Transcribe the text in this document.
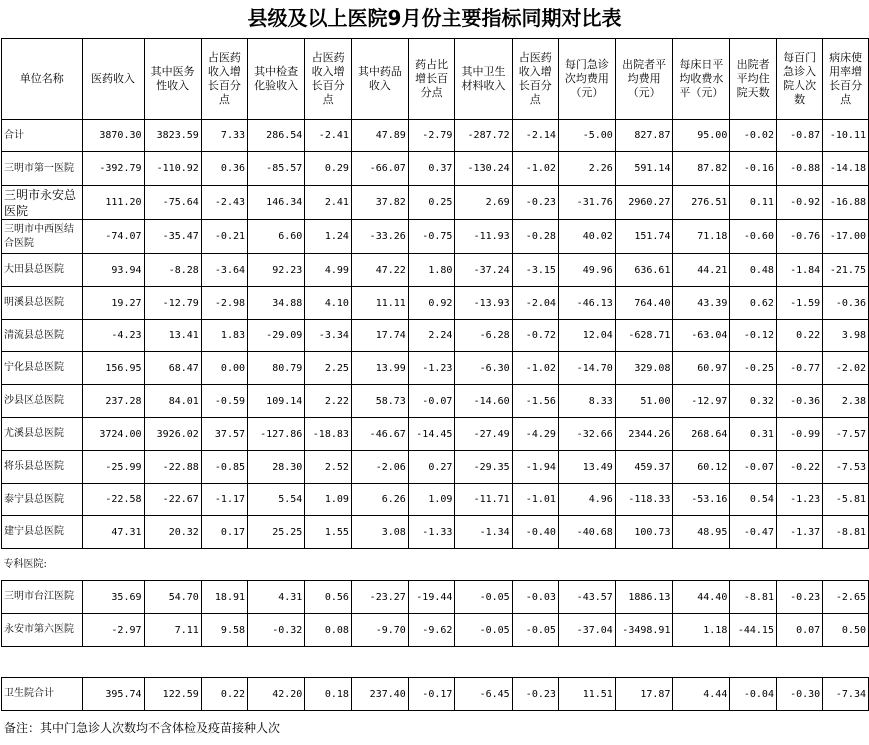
县级及以上医院9月份主要指标同期对比表
单位名称	医药收入	其中医务性收入	占医药收入增长百分点	其中检查化验收入	占医药收入增长百分点	其中药品收入	药占比增长百分点	其中卫生材料收入	占医药收入增长百分点	每门急诊次均费用（元）	出院者平均费用（元）	每床日平均收费水平（元）	出院者平均住院天数	每百门急诊入院人次数	病床使用率增长百分点
合计	3870.30	3823.59	7.33	286.54	-2.41	47.89	-2.79	-287.72	-2.14	-5.00	827.87	95.00	-0.02	-0.87	-10.11
三明市第一医院	-392.79	-110.92	0.36	-85.57	0.29	-66.07	0.37	-130.24	-1.02	2.26	591.14	87.82	-0.16	-0.88	-14.18
三明市永安总医院	111.20	-75.64	-2.43	146.34	2.41	37.82	0.25	2.69	-0.23	-31.76	2960.27	276.51	0.11	-0.92	-16.88
三明市中西医结合医院	-74.07	-35.47	-0.21	6.60	1.24	-33.26	-0.75	-11.93	-0.28	40.02	151.74	71.18	-0.60	-0.76	-17.00
大田县总医院	93.94	-8.28	-3.64	92.23	4.99	47.22	1.80	-37.24	-3.15	49.96	636.61	44.21	0.48	-1.84	-21.75
明溪县总医院	19.27	-12.79	-2.98	34.88	4.10	11.11	0.92	-13.93	-2.04	-46.13	764.40	43.39	0.62	-1.59	-0.36
清流县总医院	-4.23	13.41	1.83	-29.09	-3.34	17.74	2.24	-6.28	-0.72	12.04	-628.71	-63.04	-0.12	0.22	3.98
宁化县总医院	156.95	68.47	0.00	80.79	2.25	13.99	-1.23	-6.30	-1.02	-14.70	329.08	60.97	-0.25	-0.77	-2.02
沙县区总医院	237.28	84.01	-0.59	109.14	2.22	58.73	-0.07	-14.60	-1.56	8.33	51.00	-12.97	0.32	-0.36	2.38
尤溪县总医院	3724.00	3926.02	37.57	-127.86	-18.83	-46.67	-14.45	-27.49	-4.29	-32.66	2344.26	268.64	0.31	-0.99	-7.57
将乐县总医院	-25.99	-22.88	-0.85	28.30	2.52	-2.06	0.27	-29.35	-1.94	13.49	459.37	60.12	-0.07	-0.22	-7.53
泰宁县总医院	-22.58	-22.67	-1.17	5.54	1.09	6.26	1.09	-11.71	-1.01	4.96	-118.33	-53.16	0.54	-1.23	-5.81
建宁县总医院	47.31	20.32	0.17	25.25	1.55	3.08	-1.33	-1.34	-0.40	-40.68	100.73	48.95	-0.47	-1.37	-8.81
专科医院:															
三明市台江医院	35.69	54.70	18.91	4.31	0.56	-23.27	-19.44	-0.05	-0.03	-43.57	1886.13	44.40	-8.81	-0.23	-2.65
永安市第六医院	-2.97	7.11	9.58	-0.32	0.08	-9.70	-9.62	-0.05	-0.05	-37.04	-3498.91	1.18	-44.15	0.07	0.50

卫生院合计	395.74	122.59	0.22	42.20	0.18	237.40	-0.17	-6.45	-0.23	11.51	17.87	4.44	-0.04	-0.30	-7.34
备注：其中门急诊人次数均不含体检及疫苗接种人次
